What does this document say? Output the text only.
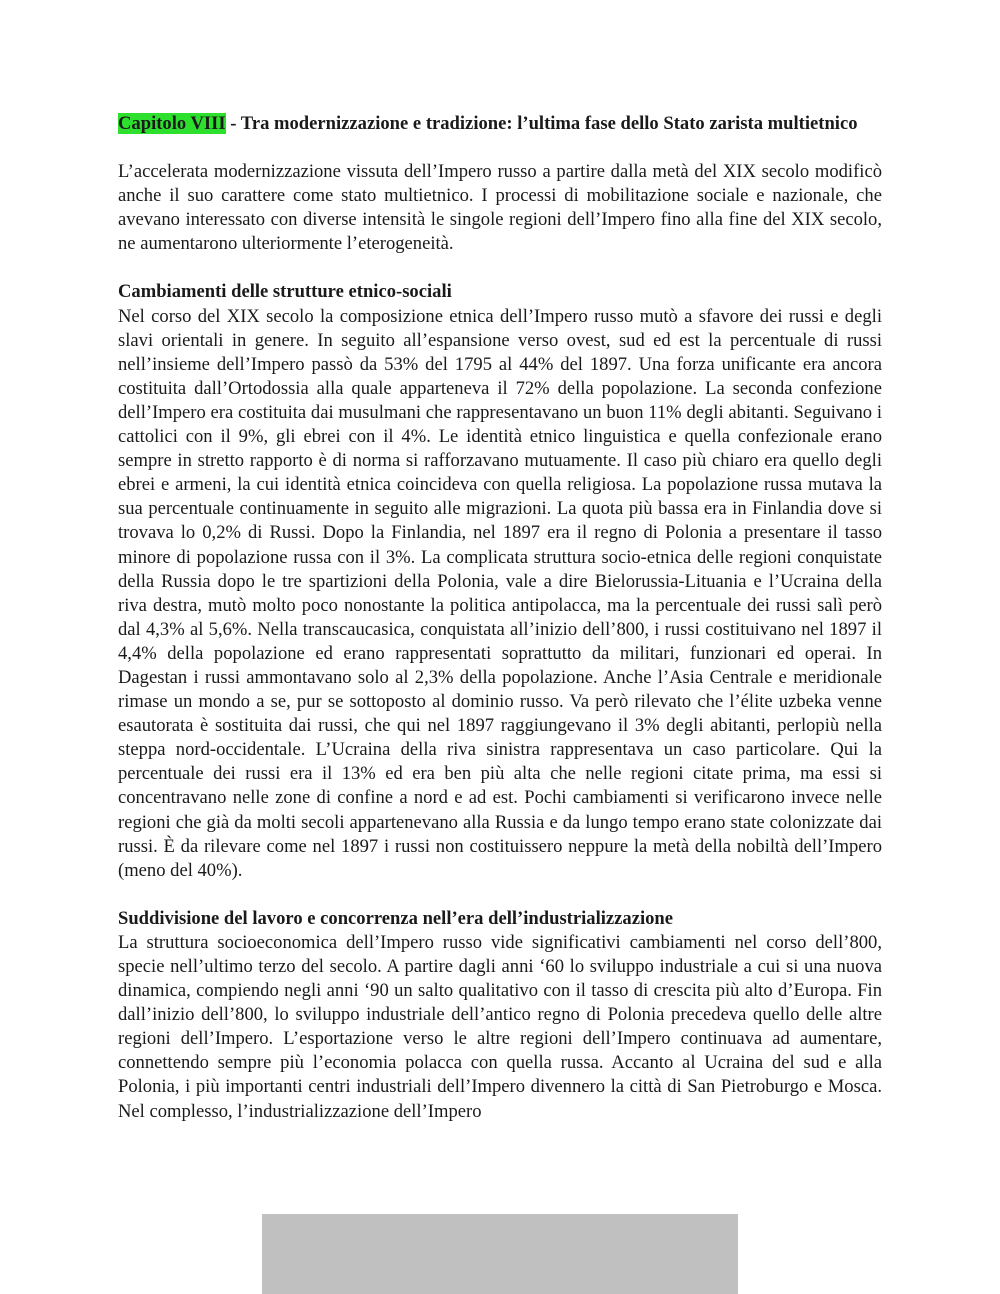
Capitolo VIII - Tra modernizzazione e tradizione: l’ultima fase dello Stato zarista multietnico

L’accelerata modernizzazione vissuta dell’Impero russo a partire dalla metà del XIX secolo modificò anche il suo carattere come stato multietnico. I processi di mobilitazione sociale e nazionale, che avevano interessato con diverse intensità le singole regioni dell’Impero fino alla fine del XIX secolo, ne aumentarono ulteriormente l’eterogeneità.

Cambiamenti delle strutture etnico-sociali

Nel corso del XIX secolo la composizione etnica dell’Impero russo mutò a sfavore dei russi e degli slavi orientali in genere. In seguito all’espansione verso ovest, sud ed est la percentuale di russi nell’insieme dell’Impero passò da 53% del 1795 al 44% del 1897. Una forza unificante era ancora costituita dall’Ortodossia alla quale apparteneva il 72% della popolazione. La seconda confezione dell’Impero era costituita dai musulmani che rappresentavano un buon 11% degli abitanti. Seguivano i cattolici con il 9%, gli ebrei con il 4%. Le identità etnico linguistica e quella confezionale erano sempre in stretto rapporto è di norma si rafforzavano mutuamente. Il caso più chiaro era quello degli ebrei e armeni, la cui identità etnica coincideva con quella religiosa. La popolazione russa mutava la sua percentuale continuamente in seguito alle migrazioni. La quota più bassa era in Finlandia dove si trovava lo 0,2% di Russi. Dopo la Finlandia, nel 1897 era il regno di Polonia a presentare il tasso minore di popolazione russa con il 3%. La complicata struttura socio-etnica delle regioni conquistate della Russia dopo le tre spartizioni della Polonia, vale a dire Bielorussia-Lituania e l’Ucraina della riva destra, mutò molto poco nonostante la politica antipolacca, ma la percentuale dei russi salì però dal 4,3% al 5,6%. Nella transcaucasica, conquistata all’inizio dell’800, i russi costituivano nel 1897 il 4,4% della popolazione ed erano rappresentati soprattutto da militari, funzionari ed operai. In Dagestan i russi ammontavano solo al 2,3% della popolazione. Anche l’Asia Centrale e meridionale rimase un mondo a se, pur se sottoposto al dominio russo. Va però rilevato che l’élite uzbeka venne esautorata è sostituita dai russi, che qui nel 1897 raggiungevano il 3% degli abitanti, perlopiù nella steppa nord-occidentale. L’Ucraina della riva sinistra rappresentava un caso particolare. Qui la percentuale dei russi era il 13% ed era ben più alta che nelle regioni citate prima, ma essi si concentravano nelle zone di confine a nord e ad est. Pochi cambiamenti si verificarono invece nelle regioni che già da molti secoli appartenevano alla Russia e da lungo tempo erano state colonizzate dai russi. È da rilevare come nel 1897 i russi non costituissero neppure la metà della nobiltà dell’Impero (meno del 40%).

Suddivisione del lavoro e concorrenza nell’era dell’industrializzazione

La struttura socioeconomica dell’Impero russo vide significativi cambiamenti nel corso dell’800, specie nell’ultimo terzo del secolo. A partire dagli anni ‘60 lo sviluppo industriale a cui si una nuova dinamica, compiendo negli anni ‘90 un salto qualitativo con il tasso di crescita più alto d’Europa. Fin dall’inizio dell’800, lo sviluppo industriale dell’antico regno di Polonia precedeva quello delle altre regioni dell’Impero. L’esportazione verso le altre regioni dell’Impero continuava ad aumentare, connettendo sempre più l’economia polacca con quella russa. Accanto al Ucraina del sud e alla Polonia, i più importanti centri industriali dell’Impero divennero la città di San Pietroburgo e Mosca. Nel complesso, l’industrializzazione dell’Impero
